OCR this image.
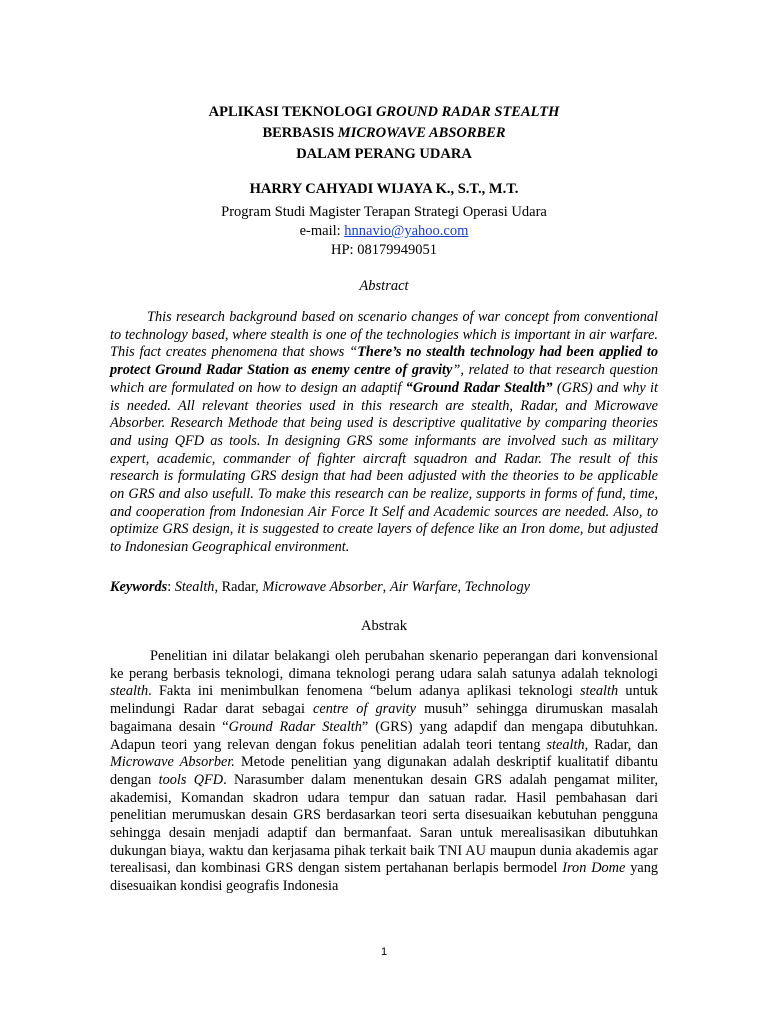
APLIKASI TEKNOLOGI GROUND RADAR STEALTH
BERBASIS MICROWAVE ABSORBER
DALAM PERANG UDARA
HARRY CAHYADI WIJAYA K., S.T., M.T.
Program Studi Magister Terapan Strategi Operasi Udara
e-mail: hnnavio@yahoo.com
HP: 08179949051
Abstract

This research background based on scenario changes of war concept from conventional to technology based, where stealth is one of the technologies which is important in air warfare. This fact creates phenomena that shows “There’s no stealth technology had been applied to protect Ground Radar Station as enemy centre of gravity”, related to that research question which are formulated on how to design an adaptif “Ground Radar Stealth” (GRS) and why it is needed. All relevant theories used in this research are stealth, Radar, and Microwave Absorber. Research Methode that being used is descriptive qualitative by comparing theories and using QFD as tools. In designing GRS some informants are involved such as military expert, academic, commander of fighter aircraft squadron and Radar. The result of this research is formulating GRS design that had been adjusted with the theories to be applicable on GRS and also usefull. To make this research can be realize, supports in forms of fund, time, and cooperation from Indonesian Air Force It Self and Academic sources are needed. Also, to optimize GRS design, it is suggested to create layers of defence like an Iron dome, but adjusted to Indonesian Geographical environment.

Keywords: Stealth, Radar, Microwave Absorber, Air Warfare, Technology

Abstrak

Penelitian ini dilatar belakangi oleh perubahan skenario peperangan dari konvensional ke perang berbasis teknologi, dimana teknologi perang udara salah satunya adalah teknologi stealth. Fakta ini menimbulkan fenomena “belum adanya aplikasi teknologi stealth untuk melindungi Radar darat sebagai centre of gravity musuh” sehingga dirumuskan masalah bagaimana desain “Ground Radar Stealth” (GRS) yang adapdif dan mengapa dibutuhkan. Adapun teori yang relevan dengan fokus penelitian adalah teori tentang stealth, Radar, dan Microwave Absorber. Metode penelitian yang digunakan adalah deskriptif kualitatif dibantu dengan tools QFD. Narasumber dalam menentukan desain GRS adalah pengamat militer, akademisi, Komandan skadron udara tempur dan satuan radar. Hasil pembahasan dari penelitian merumuskan desain GRS berdasarkan teori serta disesuaikan kebutuhan pengguna sehingga desain menjadi adaptif dan bermanfaat. Saran untuk merealisasikan dibutuhkan dukungan biaya, waktu dan kerjasama pihak terkait baik TNI AU maupun dunia akademis agar terealisasi, dan kombinasi GRS dengan sistem pertahanan berlapis bermodel Iron Dome yang disesuaikan kondisi geografis Indonesia

1
